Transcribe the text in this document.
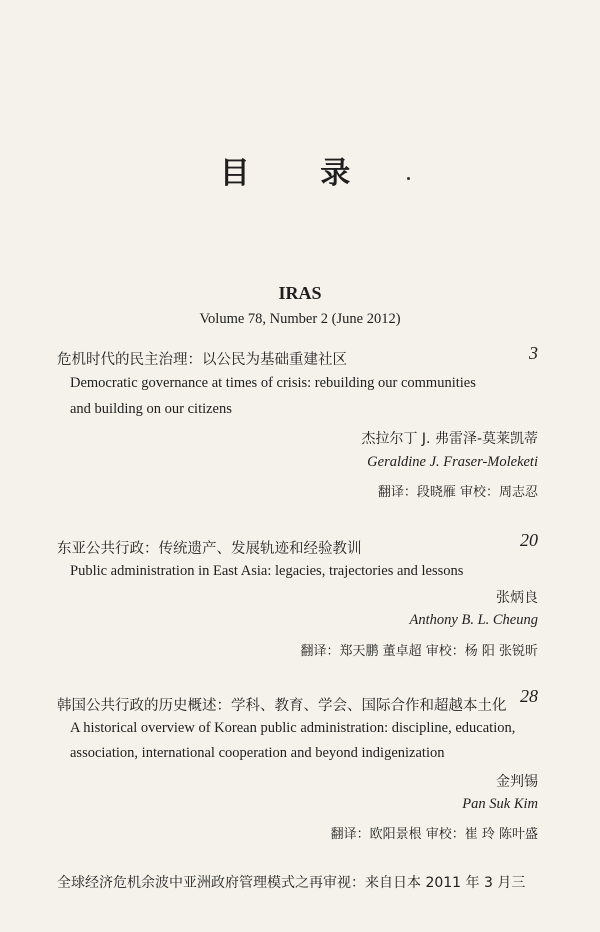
目 录
IRAS
Volume 78, Number 2 (June 2012)
危机时代的民主治理：以公民为基础重建社区	3
Democratic governance at times of crisis: rebuilding our communities
and building on our citizens
杰拉尔丁 J. 弗雷泽-莫莱凯蒂
Geraldine J. Fraser-Moleketi
翻译：段晓雁 审校：周志忍
东亚公共行政：传统遗产、发展轨迹和经验教训	20
Public administration in East Asia: legacies, trajectories and lessons
张炳良
Anthony B. L. Cheung
翻译：郑天鹏 董卓超 审校：杨 阳 张锐昕
韩国公共行政的历史概述：学科、教育、学会、国际合作和超越本土化 28
A historical overview of Korean public administration: discipline, education,
association, international cooperation and beyond indigenization
金判锡
Pan Suk Kim
翻译：欧阳景根 审校：崔 玲 陈叶盛
全球经济危机余波中亚洲政府管理模式之再审视：来自日本 2011 年 3 月三
